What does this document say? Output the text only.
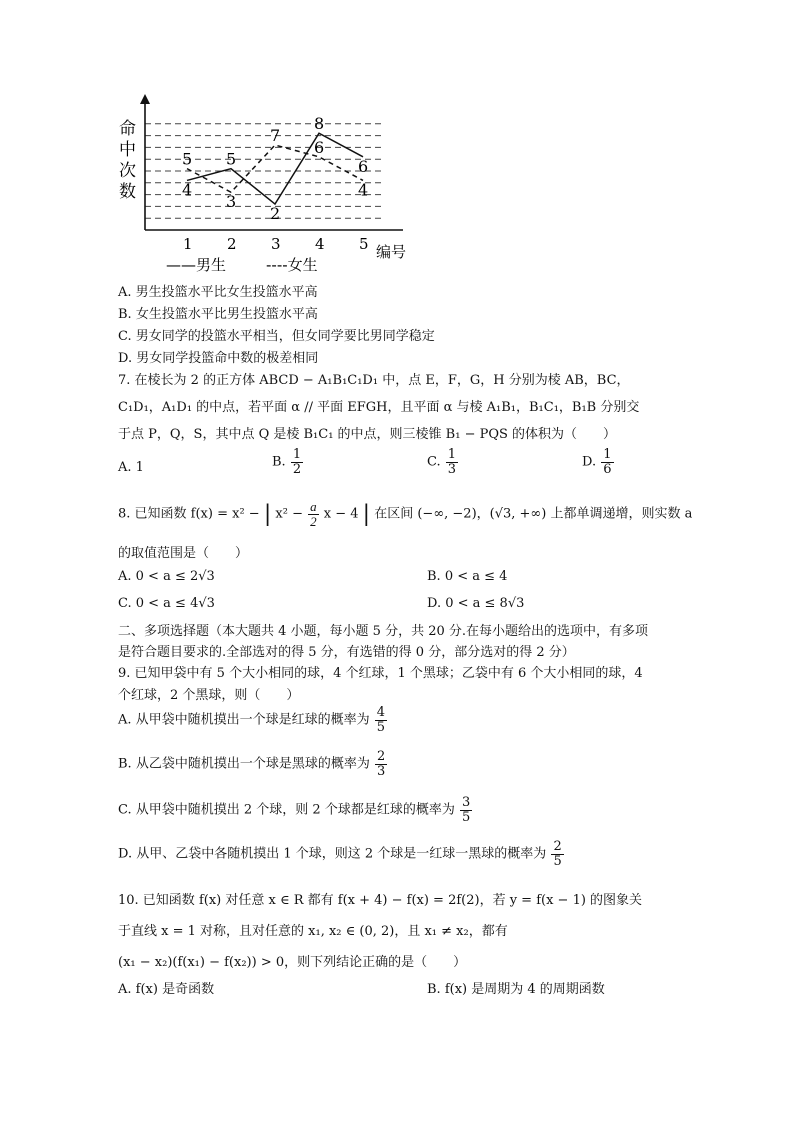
命
中
次
数
1 2 3 4 5 编号
4
5
2
8
6
5
3
7
6
4
——男生	----女生
A. 男生投篮水平比女生投篮水平高
B. 女生投篮水平比男生投篮水平高
C. 男女同学的投篮水平相当，但女同学要比男同学稳定
D. 男女同学投篮命中数的极差相同
7. 在棱长为 2 的正方体 ABCD − A₁B₁C₁D₁ 中，点 E，F，G，H 分别为棱 AB，BC，
C₁D₁，A₁D₁ 的中点，若平面 α // 平面 EFGH，且平面 α 与棱 A₁B₁，B₁C₁，B₁B 分别交
于点 P，Q，S，其中点 Q 是棱 B₁C₁ 的中点，则三棱锥 B₁ − PQS 的体积为（　　）
A. 1	B. $\frac{1}{2}$	C. $\frac{1}{3}$	D. $\frac{1}{6}$
8. 已知函数 f(x) = x² − | $x^2 - \frac{a}{2}$ x − 4 | 在区间 (−∞, −2)，(√3, +∞) 上都单调递增，则实数 a
的取值范围是（　　）
A. 0 < a ≤ 2√3	B. 0 < a ≤ 4
C. 0 < a ≤ 4√3	D. 0 < a ≤ 8√3
二、多项选择题（本大题共 4 小题，每小题 5 分，共 20 分.在每小题给出的选项中，有多项
是符合题目要求的.全部选对的得 5 分，有选错的得 0 分，部分选对的得 2 分）
9. 已知甲袋中有 5 个大小相同的球，4 个红球，1 个黑球；乙袋中有 6 个大小相同的球，4
个红球，2 个黑球，则（　　）
A. 从甲袋中随机摸出一个球是红球的概率为 $\frac{4}{5}$
B. 从乙袋中随机摸出一个球是黑球的概率为 $\frac{2}{3}$
C. 从甲袋中随机摸出 2 个球，则 2 个球都是红球的概率为 $\frac{3}{5}$
D. 从甲、乙袋中各随机摸出 1 个球，则这 2 个球是一红球一黑球的概率为 $\frac{2}{5}$
10. 已知函数 f(x) 对任意 x ∈ R 都有 f(x + 4) − f(x) = 2f(2)，若 y = f(x − 1) 的图象关
于直线 x = 1 对称，且对任意的 x₁, x₂ ∈ (0, 2)，且 x₁ ≠ x₂，都有
(x₁ − x₂)(f(x₁) − f(x₂)) > 0，则下列结论正确的是（　　）
A. f(x) 是奇函数	B. f(x) 是周期为 4 的周期函数
